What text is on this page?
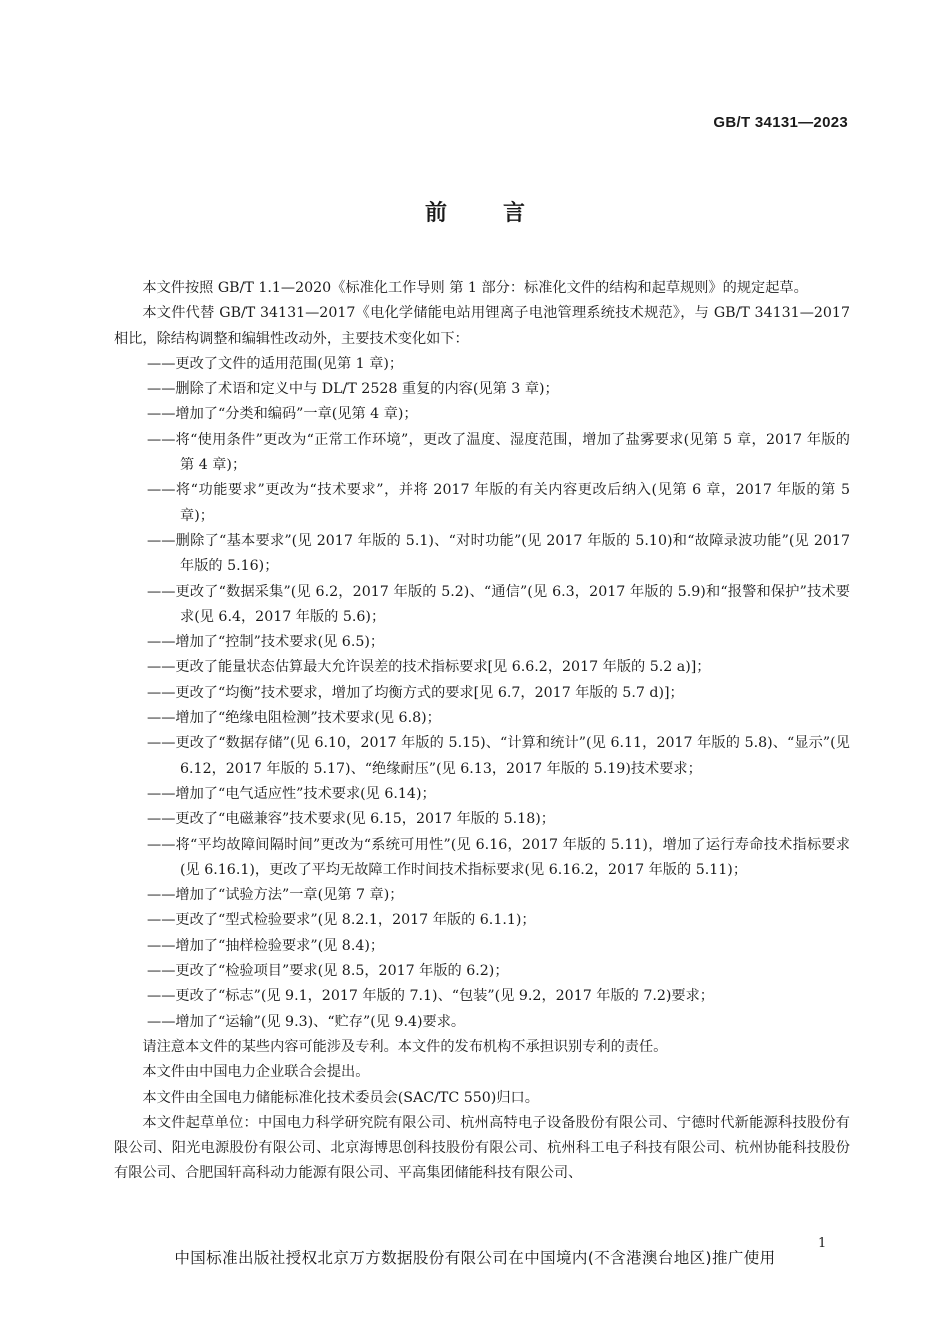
GB/T 34131—2023
前言

本文件按照 GB/T 1.1—2020《标准化工作导则 第 1 部分：标准化文件的结构和起草规则》的规定起草。

本文件代替 GB/T 34131—2017《电化学储能电站用锂离子电池管理系统技术规范》，与 GB/T 34131—2017 相比，除结构调整和编辑性改动外，主要技术变化如下：

——更改了文件的适用范围(见第 1 章)；

——删除了术语和定义中与 DL/T 2528 重复的内容(见第 3 章)；

——增加了“分类和编码”一章(见第 4 章)；

——将“使用条件”更改为“正常工作环境”，更改了温度、湿度范围，增加了盐雾要求(见第 5 章，2017 年版的第 4 章)；

——将“功能要求”更改为“技术要求”，并将 2017 年版的有关内容更改后纳入(见第 6 章，2017 年版的第 5 章)；

——删除了“基本要求”(见 2017 年版的 5.1)、“对时功能”(见 2017 年版的 5.10)和“故障录波功能”(见 2017 年版的 5.16)；

——更改了“数据采集”(见 6.2，2017 年版的 5.2)、“通信”(见 6.3，2017 年版的 5.9)和“报警和保护”技术要求(见 6.4，2017 年版的 5.6)；

——增加了“控制”技术要求(见 6.5)；

——更改了能量状态估算最大允许误差的技术指标要求[见 6.6.2，2017 年版的 5.2 a)]；

——更改了“均衡”技术要求，增加了均衡方式的要求[见 6.7，2017 年版的 5.7 d)]；

——增加了“绝缘电阻检测”技术要求(见 6.8)；

——更改了“数据存储”(见 6.10，2017 年版的 5.15)、“计算和统计”(见 6.11，2017 年版的 5.8)、“显示”(见 6.12，2017 年版的 5.17)、“绝缘耐压”(见 6.13，2017 年版的 5.19)技术要求；

——增加了“电气适应性”技术要求(见 6.14)；

——更改了“电磁兼容”技术要求(见 6.15，2017 年版的 5.18)；

——将“平均故障间隔时间”更改为“系统可用性”(见 6.16，2017 年版的 5.11)，增加了运行寿命技术指标要求(见 6.16.1)，更改了平均无故障工作时间技术指标要求(见 6.16.2，2017 年版的 5.11)；

——增加了“试验方法”一章(见第 7 章)；

——更改了“型式检验要求”(见 8.2.1，2017 年版的 6.1.1)；

——增加了“抽样检验要求”(见 8.4)；

——更改了“检验项目”要求(见 8.5，2017 年版的 6.2)；

——更改了“标志”(见 9.1，2017 年版的 7.1)、“包装”(见 9.2，2017 年版的 7.2)要求；

——增加了“运输”(见 9.3)、“贮存”(见 9.4)要求。

请注意本文件的某些内容可能涉及专利。本文件的发布机构不承担识别专利的责任。

本文件由中国电力企业联合会提出。

本文件由全国电力储能标准化技术委员会(SAC/TC 550)归口。

本文件起草单位：中国电力科学研究院有限公司、杭州高特电子设备股份有限公司、宁德时代新能源科技股份有限公司、阳光电源股份有限公司、北京海博思创科技股份有限公司、杭州科工电子科技有限公司、杭州协能科技股份有限公司、合肥国轩高科动力能源有限公司、平高集团储能科技有限公司、

1
中国标准出版社授权北京万方数据股份有限公司在中国境内(不含港澳台地区)推广使用
